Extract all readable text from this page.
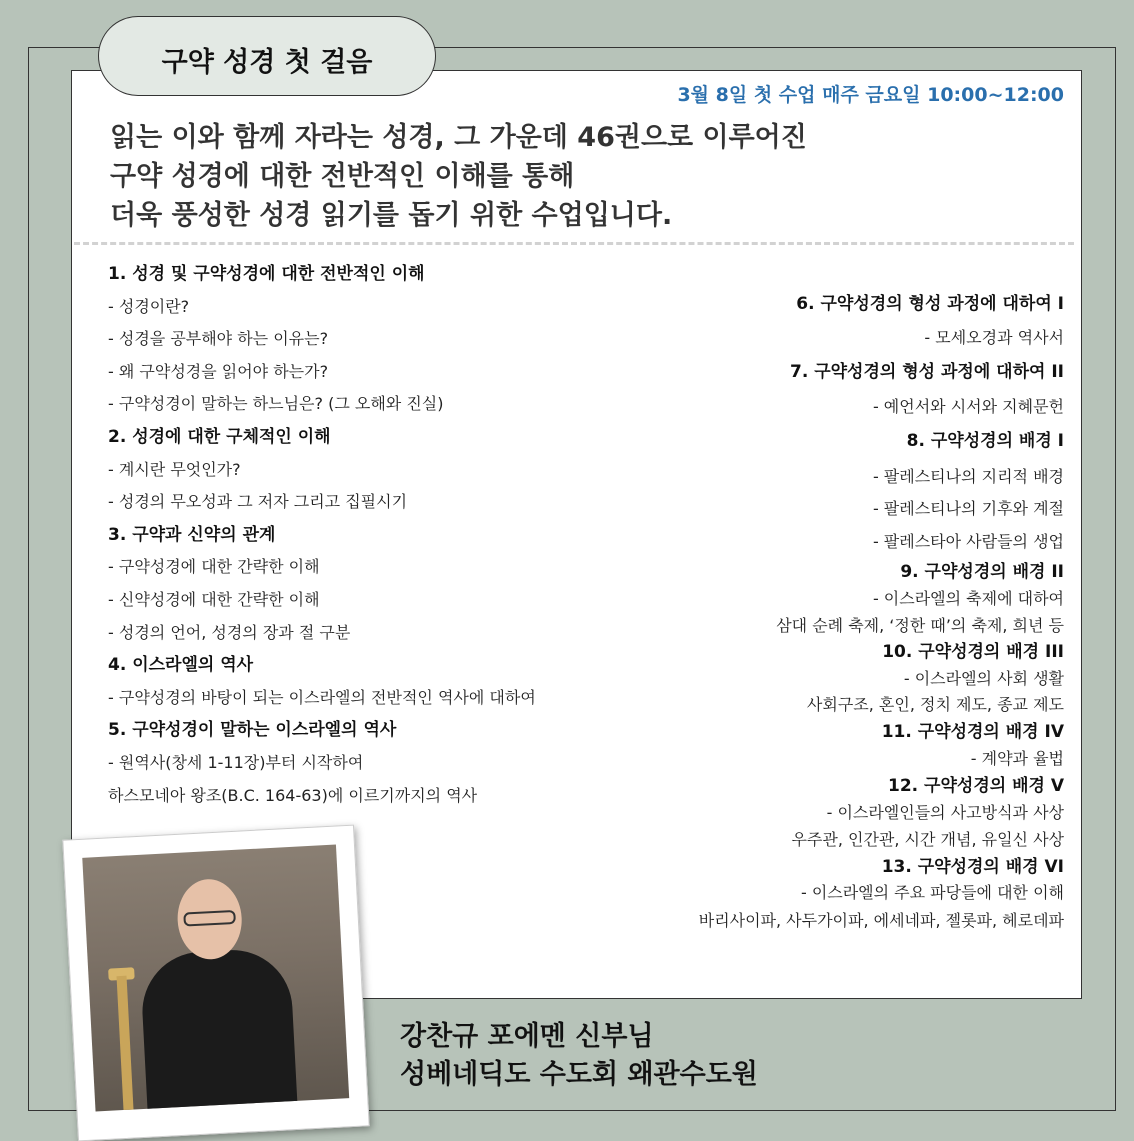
구약 성경 첫 걸음
3월 8일 첫 수업 매주 금요일 10:00~12:00
읽는 이와 함께 자라는 성경, 그 가운데 46권으로 이루어진
구약 성경에 대한 전반적인 이해를 통해
더욱 풍성한 성경 읽기를 돕기 위한 수업입니다.
1. 성경 및 구약성경에 대한 전반적인 이해
- 성경이란?
- 성경을 공부해야 하는 이유는?
- 왜 구약성경을 읽어야 하는가?
- 구약성경이 말하는 하느님은? (그 오해와 진실)
2. 성경에 대한 구체적인 이해
- 계시란 무엇인가?
- 성경의 무오성과 그 저자 그리고 집필시기
3. 구약과 신약의 관계
- 구약성경에 대한 간략한 이해
- 신약성경에 대한 간략한 이해
- 성경의 언어, 성경의 장과 절 구분
4. 이스라엘의 역사
- 구약성경의 바탕이 되는 이스라엘의 전반적인 역사에 대하여
5. 구약성경이 말하는 이스라엘의 역사
- 원역사(창세 1-11장)부터 시작하여
하스모네아 왕조(B.C. 164-63)에 이르기까지의 역사
6. 구약성경의 형성 과정에 대하여 I
- 모세오경과 역사서
7. 구약성경의 형성 과정에 대하여 II
- 예언서와 시서와 지혜문헌
8. 구약성경의 배경 I
- 팔레스티나의 지리적 배경
- 팔레스티나의 기후와 계절
- 팔레스타아 사람들의 생업
9. 구약성경의 배경 II
- 이스라엘의 축제에 대하여
삼대 순례 축제, ‘정한 때’의 축제, 희년 등
10. 구약성경의 배경 III
- 이스라엘의 사회 생활
사회구조, 혼인, 정치 제도, 종교 제도
11. 구약성경의 배경 IV
- 계약과 율법
12. 구약성경의 배경 V
- 이스라엘인들의 사고방식과 사상
우주관, 인간관, 시간 개념, 유일신 사상
13. 구약성경의 배경 VI
- 이스라엘의 주요 파당들에 대한 이해
바리사이파, 사두가이파, 에세네파, 젤롯파, 헤로데파
강찬규 포에멘 신부님
성베네딕도 수도회 왜관수도원
